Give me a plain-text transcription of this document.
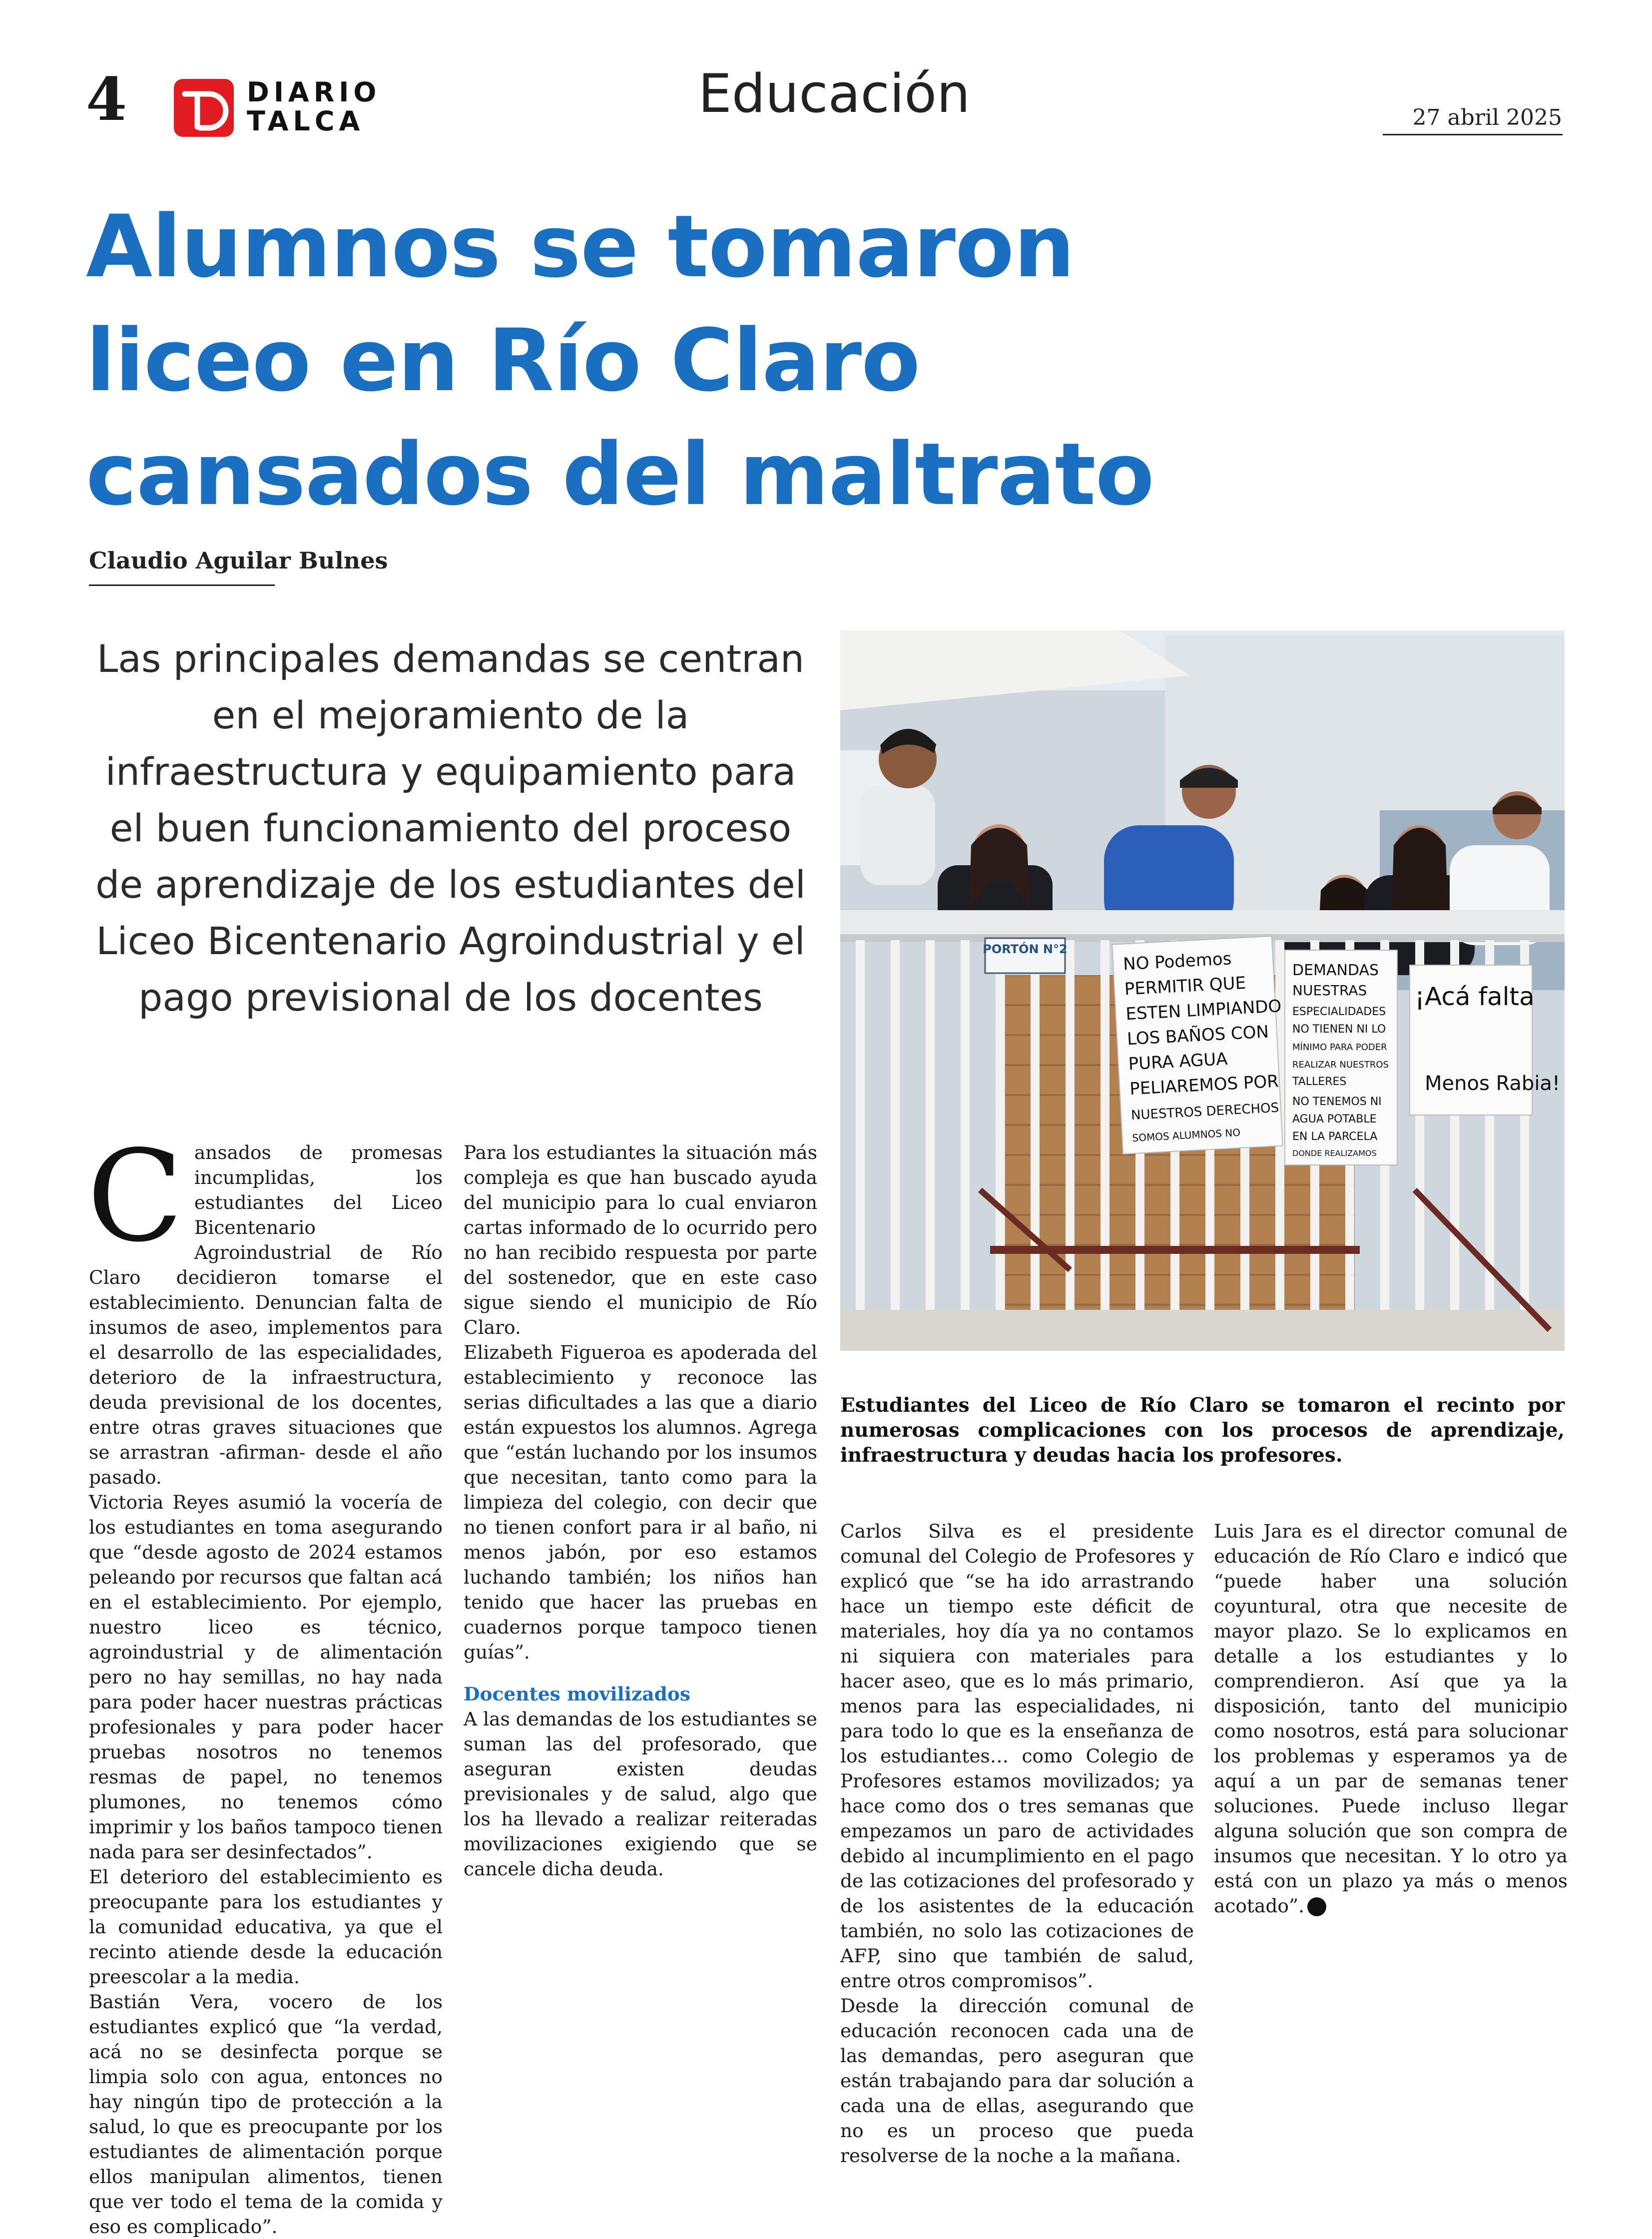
4	DIARIO
TALCA	Educación	27 abril 2025
Alumnos se tomaron liceo en Río Claro cansados del maltrato
Claudio Aguilar Bulnes

Las principales demandas se centran en el mejoramiento de la infraestructura y equipamiento para el buen funcionamiento del proceso de aprendizaje de los estudiantes del Liceo Bicentenario Agroindustrial y el pago previsional de los docentes

PORTÓN N°2	NO Podemos
PERMITIR QUE
ESTEN LIMPIANDO
LOS BAÑOS CON
PURA AGUA
PELIAREMOS POR
NUESTROS DERECHOS
SOMOS ALUMNOS NO
DEMANDAS
NUESTRAS
ESPECIALIDADES
NO TIENEN NI LO
MÍNIMO PARA PODER
REALIZAR NUESTROS
TALLERES
NO TENEMOS NI
AGUA POTABLE
EN LA PARCELA
DONDE REALIZAMOS
¡Acá falta
Menos Rabia!

Estudiantes del Liceo de Río Claro se tomaron el recinto por numerosas complicaciones con los procesos de aprendizaje, infraestructura y deudas hacia los profesores.

Cansados de promesas incumplidas, los estudiantes del Liceo Bicentenario Agroindustrial de Río Claro decidieron tomarse el establecimiento. Denuncian falta de insumos de aseo, implementos para el desarrollo de las especialidades, deterioro de la infraestructura, deuda previsional de los docentes, entre otras graves situaciones que se arrastran -afirman- desde el año pasado.

Victoria Reyes asumió la vocería de los estudiantes en toma asegurando que “desde agosto de 2024 estamos peleando por recursos que faltan acá en el establecimiento. Por ejemplo, nuestro liceo es técnico, agroindustrial y de alimentación pero no hay semillas, no hay nada para poder hacer nuestras prácticas profesionales y para poder hacer pruebas nosotros no tenemos resmas de papel, no tenemos plumones, no tenemos cómo imprimir y los baños tampoco tienen nada para ser desinfectados”.

El deterioro del establecimiento es preocupante para los estudiantes y la comunidad educativa, ya que el recinto atiende desde la educación preescolar a la media.

Bastián Vera, vocero de los estudiantes explicó que “la verdad, acá no se desinfecta porque se limpia solo con agua, entonces no hay ningún tipo de protección a la salud, lo que es preocupante por los estudiantes de alimentación porque ellos manipulan alimentos, tienen que ver todo el tema de la comida y eso es complicado”.

Para los estudiantes la situación más compleja es que han buscado ayuda del municipio para lo cual enviaron cartas informado de lo ocurrido pero no han recibido respuesta por parte del sostenedor, que en este caso sigue siendo el municipio de Río Claro.

Elizabeth Figueroa es apoderada del establecimiento y reconoce las serias dificultades a las que a diario están expuestos los alumnos. Agrega que “están luchando por los insumos que necesitan, tanto como para la limpieza del colegio, con decir que no tienen confort para ir al baño, ni menos jabón, por eso estamos luchando también; los niños han tenido que hacer las pruebas en cuadernos porque tampoco tienen guías”.

Docentes movilizados

A las demandas de los estudiantes se suman las del profesorado, que aseguran existen deudas previsionales y de salud, algo que los ha llevado a realizar reiteradas movilizaciones exigiendo que se cancele dicha deuda.

Carlos Silva es el presidente comunal del Colegio de Profesores y explicó que “se ha ido arrastrando hace un tiempo este déficit de materiales, hoy día ya no contamos ni siquiera con materiales para hacer aseo, que es lo más primario, menos para las especialidades, ni para todo lo que es la enseñanza de los estudiantes… como Colegio de Profesores estamos movilizados; ya hace como dos o tres semanas que empezamos un paro de actividades debido al incumplimiento en el pago de las cotizaciones del profesorado y de los asistentes de la educación también, no solo las cotizaciones de AFP, sino que también de salud, entre otros compromisos”.

Desde la dirección comunal de educación reconocen cada una de las demandas, pero aseguran que están trabajando para dar solución a cada una de ellas, asegurando que no es un proceso que pueda resolverse de la noche a la mañana.

Luis Jara es el director comunal de educación de Río Claro e indicó que “puede haber una solución coyuntural, otra que necesite de mayor plazo. Se lo explicamos en detalle a los estudiantes y lo comprendieron. Así que ya la disposición, tanto del municipio como nosotros, está para solucionar los problemas y esperamos ya de aquí a un par de semanas tener soluciones. Puede incluso llegar alguna solución que son compra de insumos que necesitan. Y lo otro ya está con un plazo ya más o menos acotado”.
